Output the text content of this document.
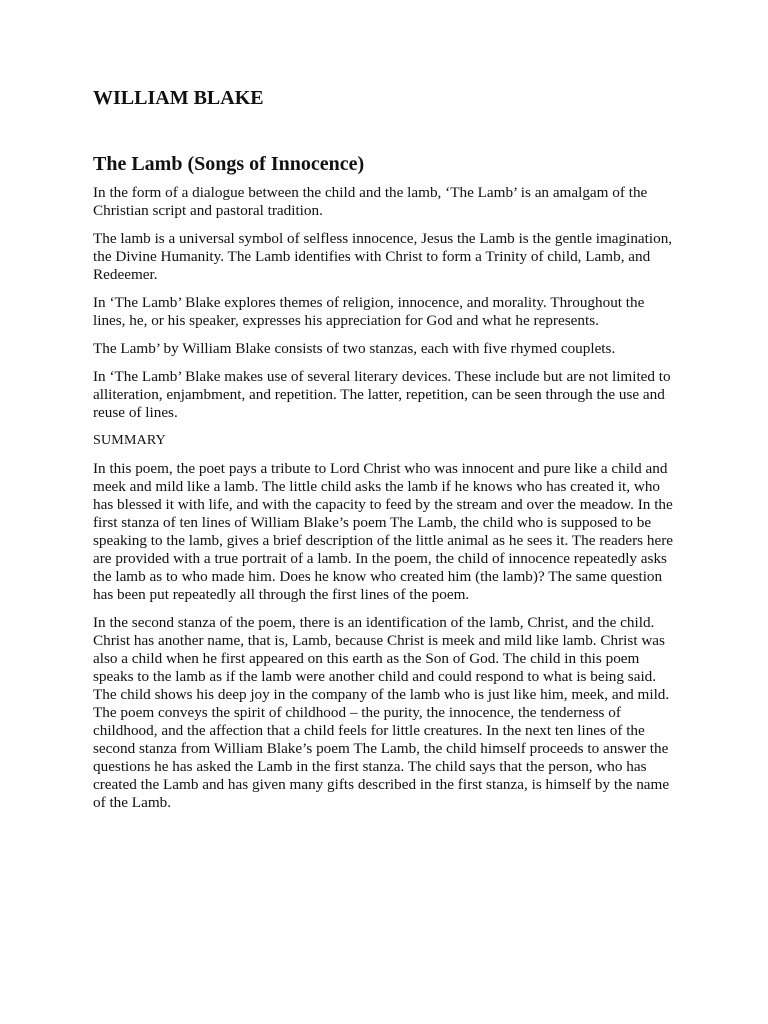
WILLIAM BLAKE
The Lamb (Songs of Innocence)

In the form of a dialogue between the child and the lamb, ‘The Lamb’ is an amalgam of the Christian script and pastoral tradition.

The lamb is a universal symbol of selfless innocence, Jesus the Lamb is the gentle imagination, the Divine Humanity. The Lamb identifies with Christ to form a Trinity of child, Lamb, and Redeemer.

In ‘The Lamb’ Blake explores themes of religion, innocence, and morality. Throughout the lines, he, or his speaker, expresses his appreciation for God and what he represents.

The Lamb’ by William Blake consists of two stanzas, each with five rhymed couplets.

In ‘The Lamb’ Blake makes use of several literary devices. These include but are not limited to alliteration, enjambment, and repetition. The latter, repetition, can be seen through the use and reuse of lines.

SUMMARY

In this poem, the poet pays a tribute to Lord Christ who was innocent and pure like a child and meek and mild like a lamb. The little child asks the lamb if he knows who has created it, who has blessed it with life, and with the capacity to feed by the stream and over the meadow. In the first stanza of ten lines of William Blake’s poem The Lamb, the child who is supposed to be speaking to the lamb, gives a brief description of the little animal as he sees it. The readers here are provided with a true portrait of a lamb. In the poem, the child of innocence repeatedly asks the lamb as to who made him. Does he know who created him (the lamb)? The same question has been put repeatedly all through the first lines of the poem.

In the second stanza of the poem, there is an identification of the lamb, Christ, and the child. Christ has another name, that is, Lamb, because Christ is meek and mild like lamb. Christ was also a child when he first appeared on this earth as the Son of God. The child in this poem speaks to the lamb as if the lamb were another child and could respond to what is being said. The child shows his deep joy in the company of the lamb who is just like him, meek, and mild. The poem conveys the spirit of childhood – the purity, the innocence, the tenderness of childhood, and the affection that a child feels for little creatures. In the next ten lines of the second stanza from William Blake’s poem The Lamb, the child himself proceeds to answer the questions he has asked the Lamb in the first stanza. The child says that the person, who has created the Lamb and has given many gifts described in the first stanza, is himself by the name of the Lamb.
